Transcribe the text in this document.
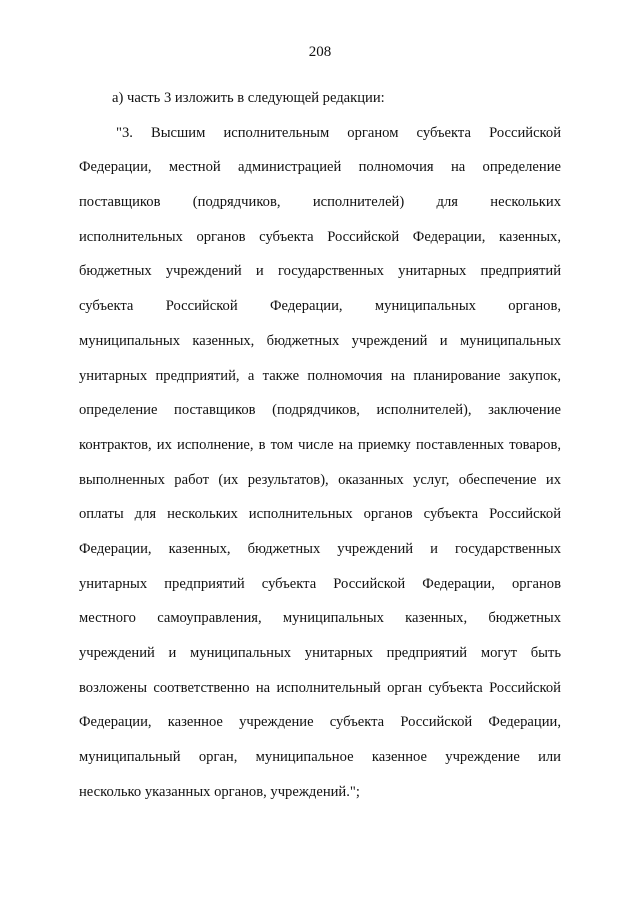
208
а) часть 3 изложить в следующей редакции:
"3. Высшим исполнительным органом субъекта Российской
Федерации, местной администрацией полномочия на определение
поставщиков (подрядчиков, исполнителей) для нескольких
исполнительных органов субъекта Российской Федерации, казенных,
бюджетных учреждений и государственных унитарных предприятий
субъекта Российской Федерации, муниципальных органов,
муниципальных казенных, бюджетных учреждений и муниципальных
унитарных предприятий, а также полномочия на планирование закупок,
определение поставщиков (подрядчиков, исполнителей), заключение
контрактов, их исполнение, в том числе на приемку поставленных товаров,
выполненных работ (их результатов), оказанных услуг, обеспечение их
оплаты для нескольких исполнительных органов субъекта Российской
Федерации, казенных, бюджетных учреждений и государственных
унитарных предприятий субъекта Российской Федерации, органов
местного самоуправления, муниципальных казенных, бюджетных
учреждений и муниципальных унитарных предприятий могут быть
возложены соответственно на исполнительный орган субъекта Российской
Федерации, казенное учреждение субъекта Российской Федерации,
муниципальный орган, муниципальное казенное учреждение или
несколько указанных органов, учреждений.";
